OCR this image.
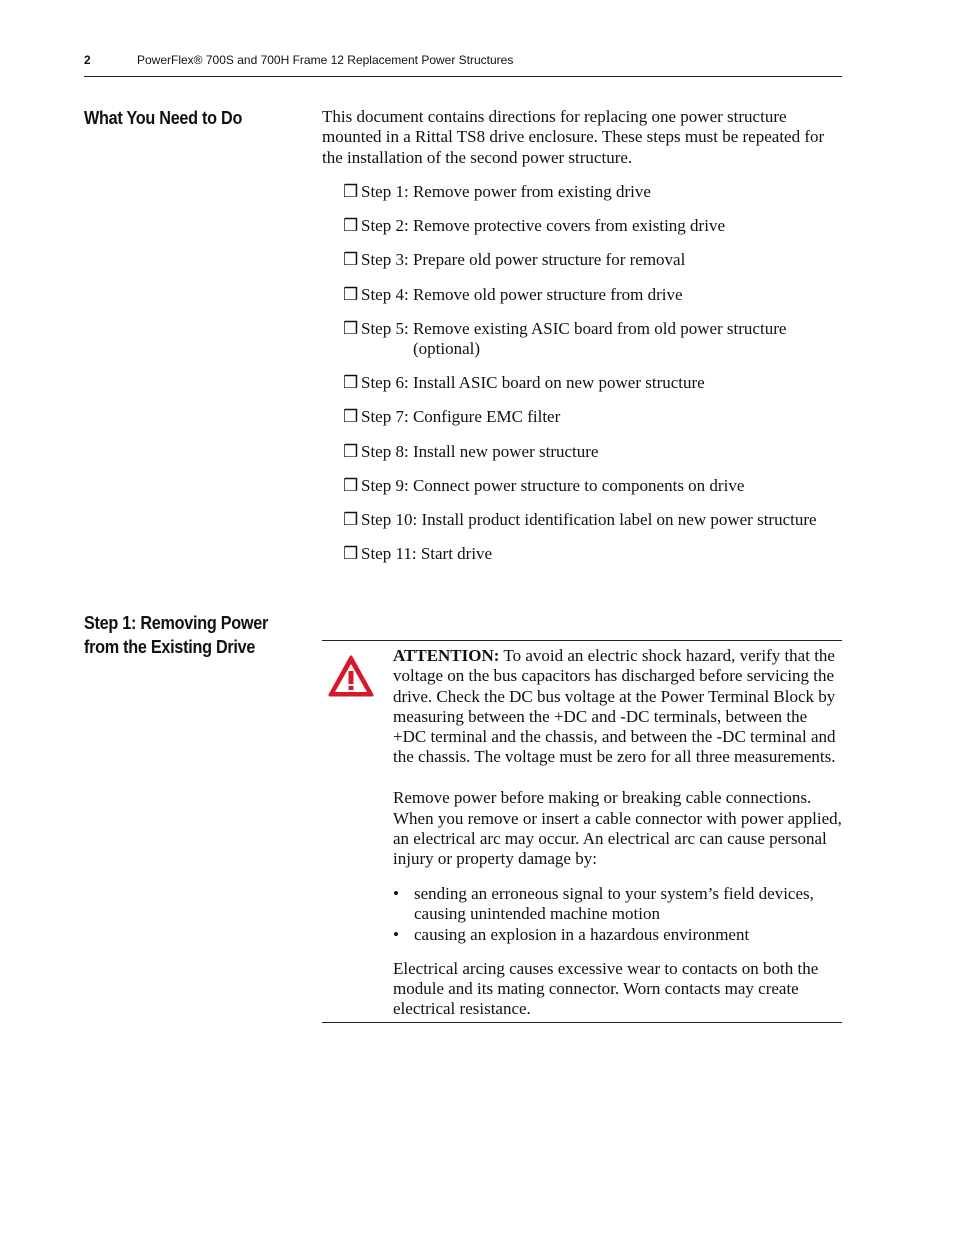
2	PowerFlex® 700S and 700H Frame 12 Replacement Power Structures
What You Need to Do	This document contains directions for replacing one power structure mounted in a Rittal TS8 drive enclosure. These steps must be repeated for the installation of the second power structure.

❒ Step 1: Remove power from existing drive
❒ Step 2: Remove protective covers from existing drive
❒ Step 3: Prepare old power structure for removal
❒ Step 4: Remove old power structure from drive
❒ Step 5: Remove existing ASIC board from old power structure (optional)
❒ Step 6: Install ASIC board on new power structure
❒ Step 7: Configure EMC filter
❒ Step 8: Install new power structure
❒ Step 9: Connect power structure to components on drive
❒ Step 10: Install product identification label on new power structure
❒ Step 11: Start drive
Step 1: Removing Power
from the Existing Drive	ATTENTION: To avoid an electric shock hazard, verify that the voltage on the bus capacitors has discharged before servicing the drive. Check the DC bus voltage at the Power Terminal Block by measuring between the +DC and -DC terminals, between the +DC terminal and the chassis, and between the -DC terminal and the chassis. The voltage must be zero for all three measurements.

Remove power before making or breaking cable connections. When you remove or insert a cable connector with power applied, an electrical arc may occur. An electrical arc can cause personal injury or property damage by:

• sending an erroneous signal to your system’s field devices, causing unintended machine motion
• causing an explosion in a hazardous environment

Electrical arcing causes excessive wear to contacts on both the module and its mating connector. Worn contacts may create electrical resistance.
